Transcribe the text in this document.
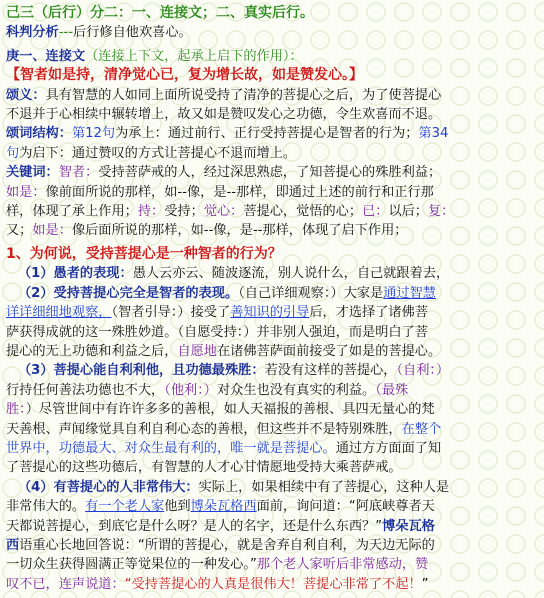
己三（后行）分二：一、连接文；二、真实后行。
科判分析---后行修自他欢喜心。
庚一、连接文（连接上下文，起承上启下的作用）：
【智者如是持，清净觉心已，复为增长故，如是赞发心。】
颂义：具有智慧的人如同上面所说受持了清净的菩提心之后，为了使菩提心
不退并于心相续中辗转增上，故又如是赞叹发心之功德，令生欢喜而不退。
颂词结构：第12句为承上：通过前行、正行受持菩提心是智者的行为；第34
句为启下：通过赞叹的方式让菩提心不退而增上。
关键词：智者：受持菩萨戒的人，经过深思熟虑，了知菩提心的殊胜利益；
如是：像前面所说的那样，如--像，是--那样，即通过上述的前行和正行那
样，体现了承上作用；持：受持；觉心：菩提心，觉悟的心；已：以后；复：
又；如是：像后面所说的那样，如--像，是--那样，体现了启下作用；
1、为何说，受持菩提心是一种智者的行为？
（1）愚者的表现：愚人云亦云、随波逐流，别人说什么，自己就跟着去，
（2）受持菩提心完全是智者的表现。（自己详细观察：）大家是通过智慧
详详细细地观察，（智者引导：）接受了善知识的引导后，才选择了诸佛菩
萨获得成就的这一殊胜妙道。（自愿受持：）并非别人强迫，而是明白了菩
提心的无上功德和利益之后，自愿地在诸佛菩萨面前接受了如是的菩提心。
（3）菩提心能自利利他，且功德最殊胜：若没有这样的菩提心，（自利：）
行持任何善法功德也不大，（他利：）对众生也没有真实的利益。（最殊
胜：）尽管世间中有许许多多的善根，如人天福报的善根、具四无量心的梵
天善根、声闻缘觉具自利自利心态的善根，但这些并不是特别殊胜，在整个
世界中，功德最大、对众生最有利的，唯一就是菩提心。通过方方面面了知
了菩提心的这些功德后，有智慧的人才心甘情愿地受持大乘菩萨戒。
（4）有菩提心的人非常伟大：实际上，如果相续中有了菩提心，这种人是
非常伟大的。有一个老人家他到博朵瓦格西面前，询问道：“阿底峡尊者天
天都说菩提心，到底它是什么呀？是人的名字，还是什么东西？”博朵瓦格
西语重心长地回答说：“所谓的菩提心，就是舍弃自利自利，为天边无际的
一切众生获得圆满正等觉果位的一种发心。”那个老人家听后非常感动，赞
叹不已，连声说道：“受持菩提心的人真是很伟大！菩提心非常了不起！”
